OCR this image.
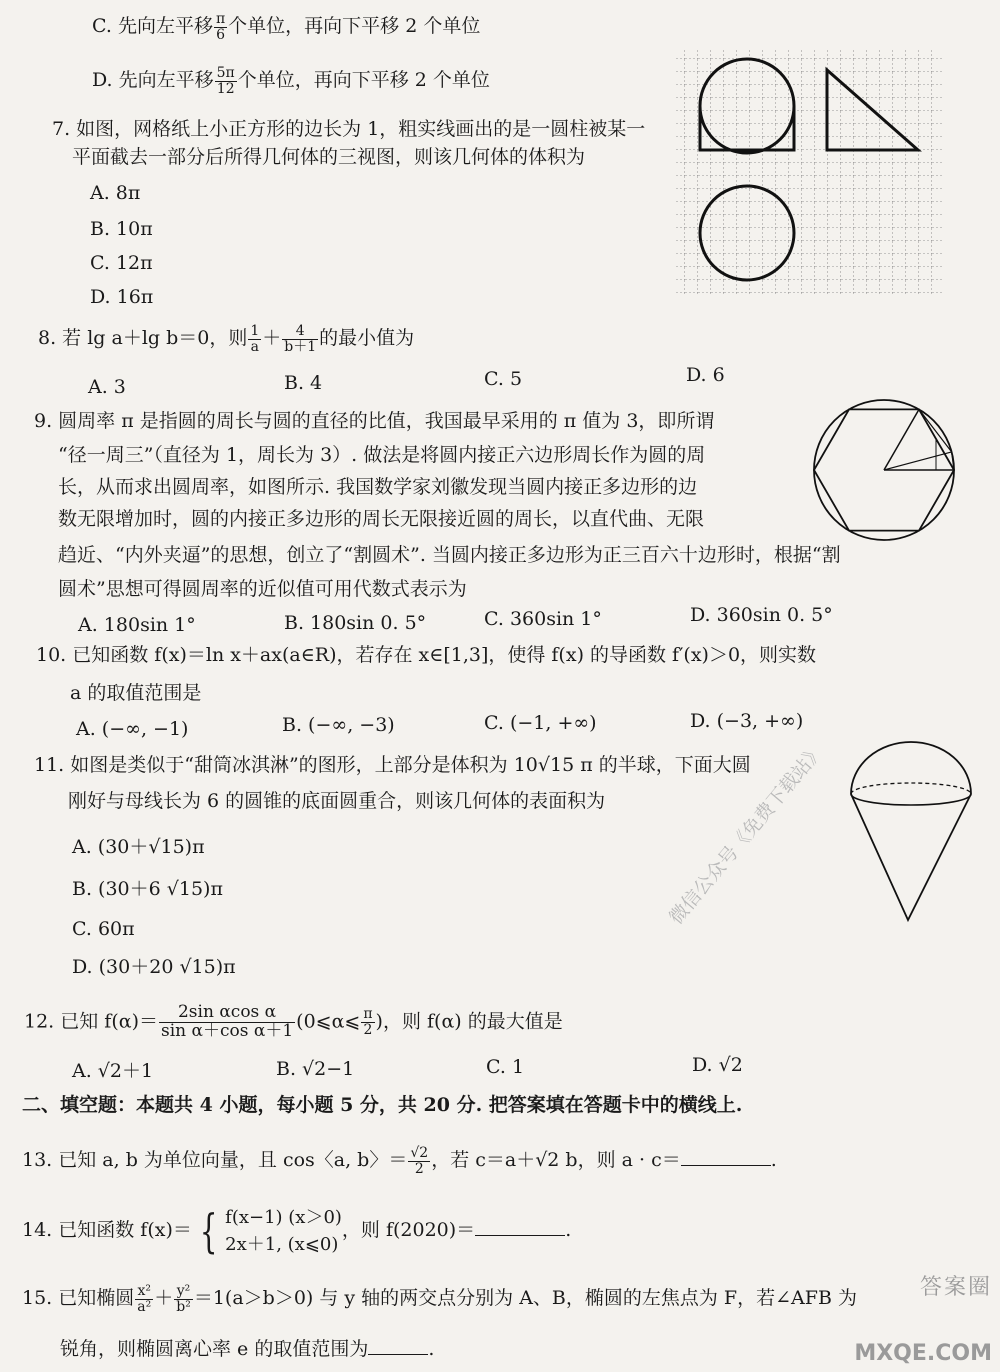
C. 先向左平移 $\frac{\pi}{6}$ 个单位，再向下平移 2 个单位
D. 先向左平移 $\frac{5\pi}{12}$ 个单位，再向下平移 2 个单位
7. 如图，网格纸上小正方形的边长为 1，粗实线画出的是一圆柱被某一
平面截去一部分后所得几何体的三视图，则该几何体的体积为
A. 8π
B. 10π
C. 12π
D. 16π
8. 若 lg a＋lg b＝0，则 $\frac{1}{a} + \frac{4}{b+1}$ 的最小值为
A. 3	B. 4	C. 5	D. 6
9. 圆周率 π 是指圆的周长与圆的直径的比值，我国最早采用的 π 值为 3，即所谓
“径一周三”（直径为 1，周长为 3）. 做法是将圆内接正六边形周长作为圆的周
长，从而求出圆周率，如图所示. 我国数学家刘徽发现当圆内接正多边形的边
数无限增加时，圆的内接正多边形的周长无限接近圆的周长，以直代曲、无限
趋近、“内外夹逼”的思想，创立了“割圆术”. 当圆内接正多边形为正三百六十边形时，根据“割
圆术”思想可得圆周率的近似值可用代数式表示为
A. 180sin 1°	B. 180sin 0. 5°	C. 360sin 1°	D. 360sin 0. 5°
10. 已知函数 f(x)＝ln x＋ax(a∈R)，若存在 x∈[1,3]，使得 f(x) 的导函数 f′(x)＞0，则实数
a 的取值范围是
A. (−∞, −1)	B. (−∞, −3)	C. (−1, +∞)	D. (−3, +∞)
11. 如图是类似于“甜筒冰淇淋”的图形，上部分是体积为 10√15 π 的半球，下面大圆
刚好与母线长为 6 的圆锥的底面圆重合，则该几何体的表面积为
A. (30＋√15)π
B. (30＋6 √15)π
C. 60π
D. (30＋20 √15)π
12. 已知 $f(\alpha)= \frac{\text{2sin αcos α}}{\text{sin α＋cos α＋1}}$ (0⩽α⩽ $\frac{\pi}{2}$ )，则 f(α) 的最大值是
A. √2＋1	B. √2−1	C. 1	D. √2
二、填空题：本题共 4 小题，每小题 5 分，共 20 分. 把答案填在答题卡中的横线上.
13. 已知 a, b 为单位向量，且 cos〈a, b〉＝ $\frac{√2}{2}$ ，若 c＝a＋√2 b，则 a · c＝	.
14. 已知函数 f(x)＝ { f(x−1) (x＞0)
2x＋1, (x⩽0)
，则 f(2020)＝	.
15. 已知椭圆 $\frac{\text{x²}}{\text{a²}} + \frac{\text{y²}}{\text{b²}} =1(a>b>0)$ 与 y 轴的两交点分别为 A、B，椭圆的左焦点为 F，若∠AFB 为
锐角，则椭圆离心率 e 的取值范围为	.
微信公众号《免费下载站》
答案圈
MXQE.COM
